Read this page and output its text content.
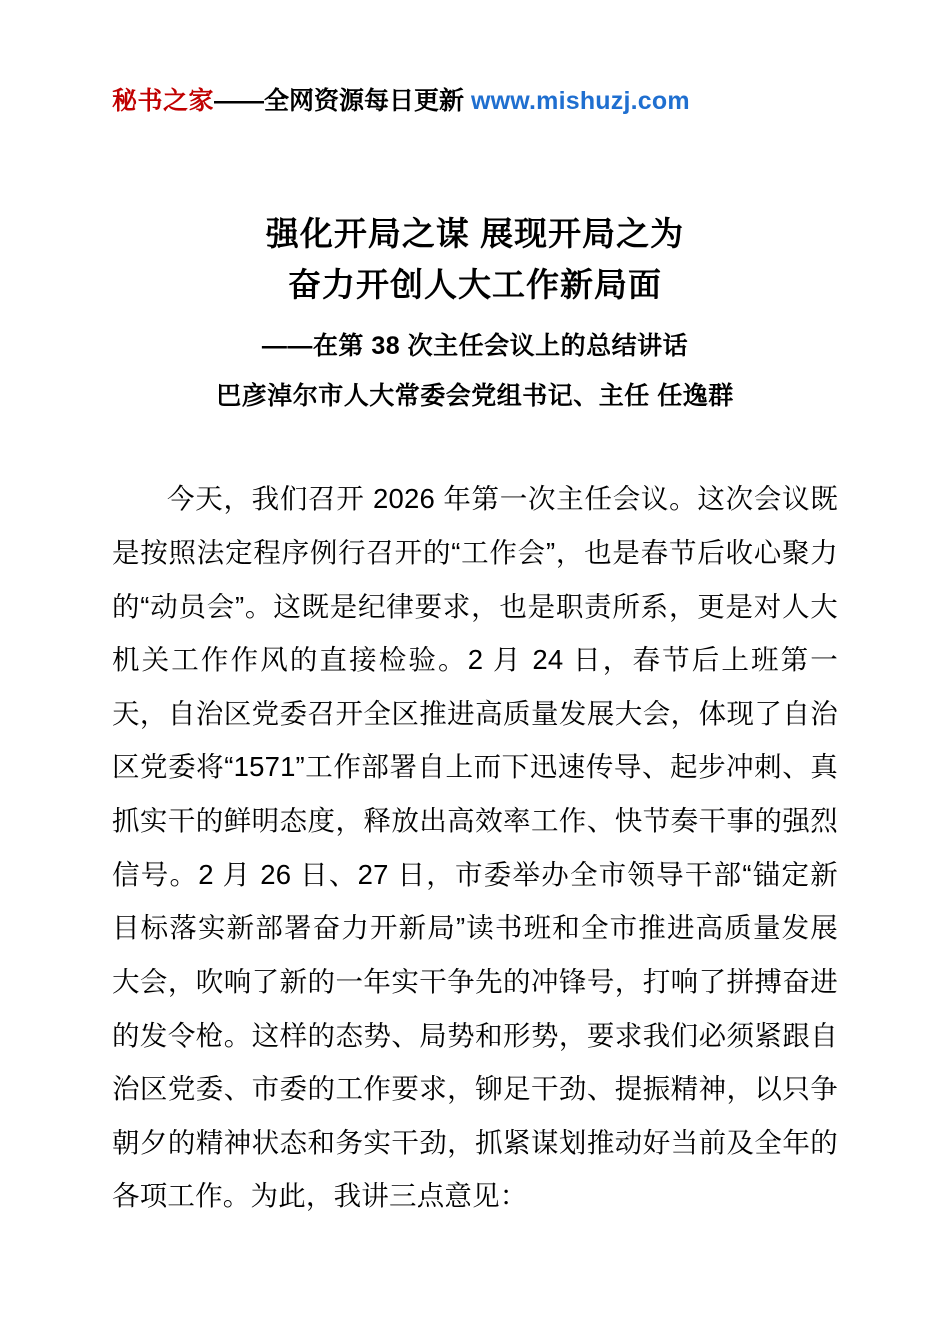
秘书之家——全网资源每日更新 www.mishuzj.com
强化开局之谋 展现开局之为
奋力开创人大工作新局面
——在第 38 次主任会议上的总结讲话
巴彦淖尔市人大常委会党组书记、主任 任逸群

今天，我们召开 2026 年第一次主任会议。这次会议既是按照法定程序例行召开的“工作会”，也是春节后收心聚力的“动员会”。这既是纪律要求，也是职责所系，更是对人大机关工作作风的直接检验。2 月 24 日，春节后上班第一天，自治区党委召开全区推进高质量发展大会，体现了自治区党委将“1571”工作部署自上而下迅速传导、起步冲刺、真抓实干的鲜明态度，释放出高效率工作、快节奏干事的强烈信号。2 月 26 日、27 日，市委举办全市领导干部“锚定新目标落实新部署奋力开新局”读书班和全市推进高质量发展大会，吹响了新的一年实干争先的冲锋号，打响了拼搏奋进的发令枪。这样的态势、局势和形势，要求我们必须紧跟自治区党委、市委的工作要求，铆足干劲、提振精神，以只争朝夕的精神状态和务实干劲，抓紧谋划推动好当前及全年的各项工作。为此，我讲三点意见：
